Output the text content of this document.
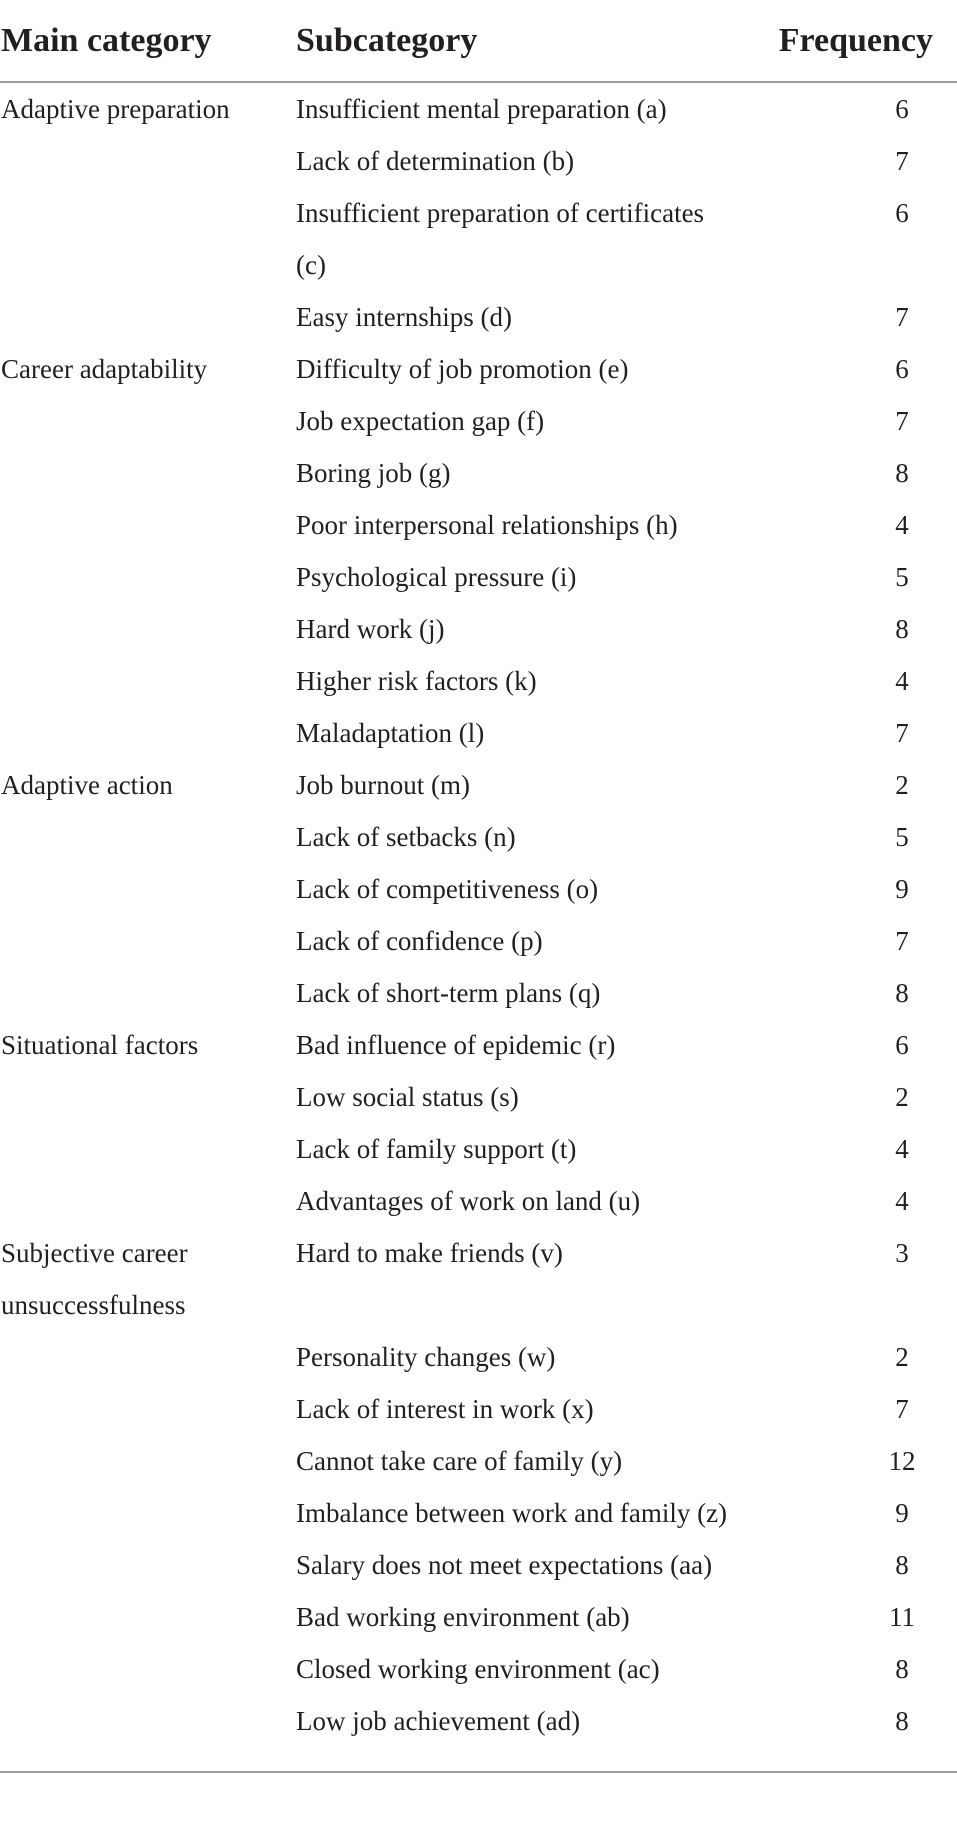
Main category	Subcategory	Frequency
Adaptive preparation	Insufficient mental preparation (a)	6
	Lack of determination (b)	7
	Insufficient preparation of certificates (c)	6
	Easy internships (d)	7
Career adaptability	Difficulty of job promotion (e)	6
	Job expectation gap (f)	7
	Boring job (g)	8
	Poor interpersonal relationships (h)	4
	Psychological pressure (i)	5
	Hard work (j)	8
	Higher risk factors (k)	4
	Maladaptation (l)	7
Adaptive action	Job burnout (m)	2
	Lack of setbacks (n)	5
	Lack of competitiveness (o)	9
	Lack of confidence (p)	7
	Lack of short-term plans (q)	8
Situational factors	Bad influence of epidemic (r)	6
	Low social status (s)	2
	Lack of family support (t)	4
	Advantages of work on land (u)	4
Subjective career unsuccessfulness	Hard to make friends (v)	3
	Personality changes (w)	2
	Lack of interest in work (x)	7
	Cannot take care of family (y)	12
	Imbalance between work and family (z)	9
	Salary does not meet expectations (aa)	8
	Bad working environment (ab)	11
	Closed working environment (ac)	8
	Low job achievement (ad)	8
